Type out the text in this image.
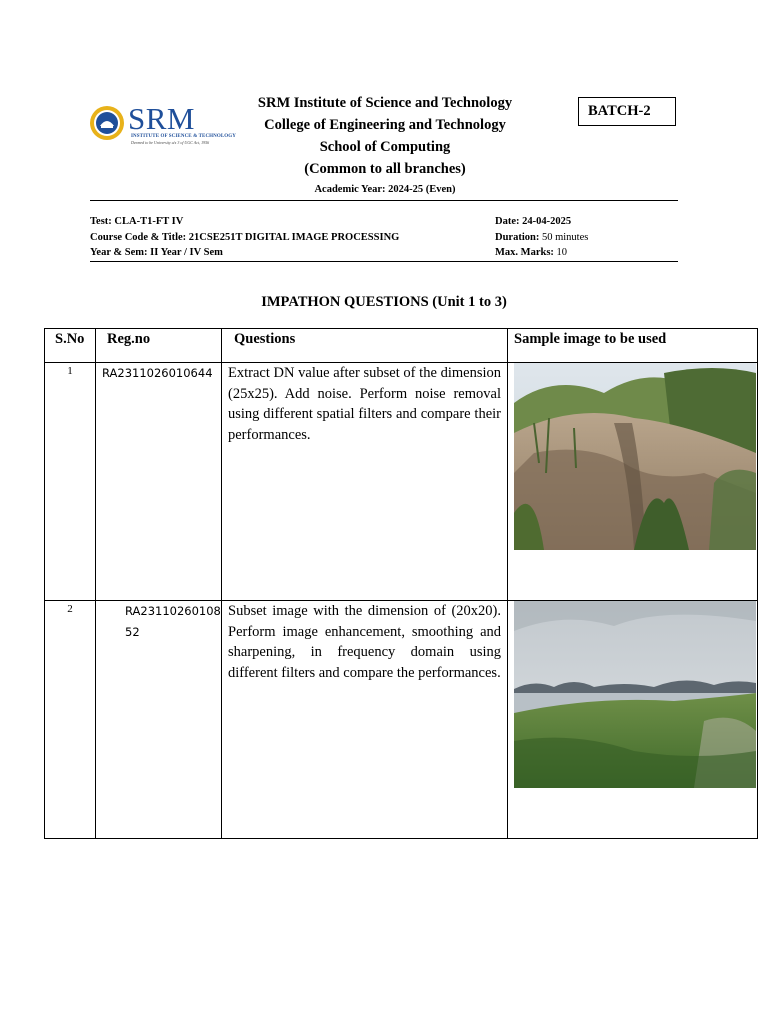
SRM
INSTITUTE OF SCIENCE & TECHNOLOGY
Deemed to be University u/s 3 of UGC Act, 1956
SRM Institute of Science and Technology
College of Engineering and Technology
School of Computing
(Common to all branches)
Academic Year: 2024-25 (Even)
BATCH-2
Test: CLA-T1-FT IV
Course Code & Title: 21CSE251T DIGITAL IMAGE PROCESSING
Year & Sem: II Year / IV Sem
Date: 24-04-2025
Duration: 50 minutes
Max. Marks: 10
IMPATHON QUESTIONS (Unit 1 to 3)
S.No	Reg.no	Questions	Sample image to be used
1	RA2311026010644	Extract DN value after subset of the dimension (25x25). Add noise. Perform noise removal using different spatial filters and compare their performances.	

2	RA2311026010852	Subset image with the dimension of (20x20). Perform image enhancement, smoothing and sharpening, in frequency domain using different filters and compare the performances.	
